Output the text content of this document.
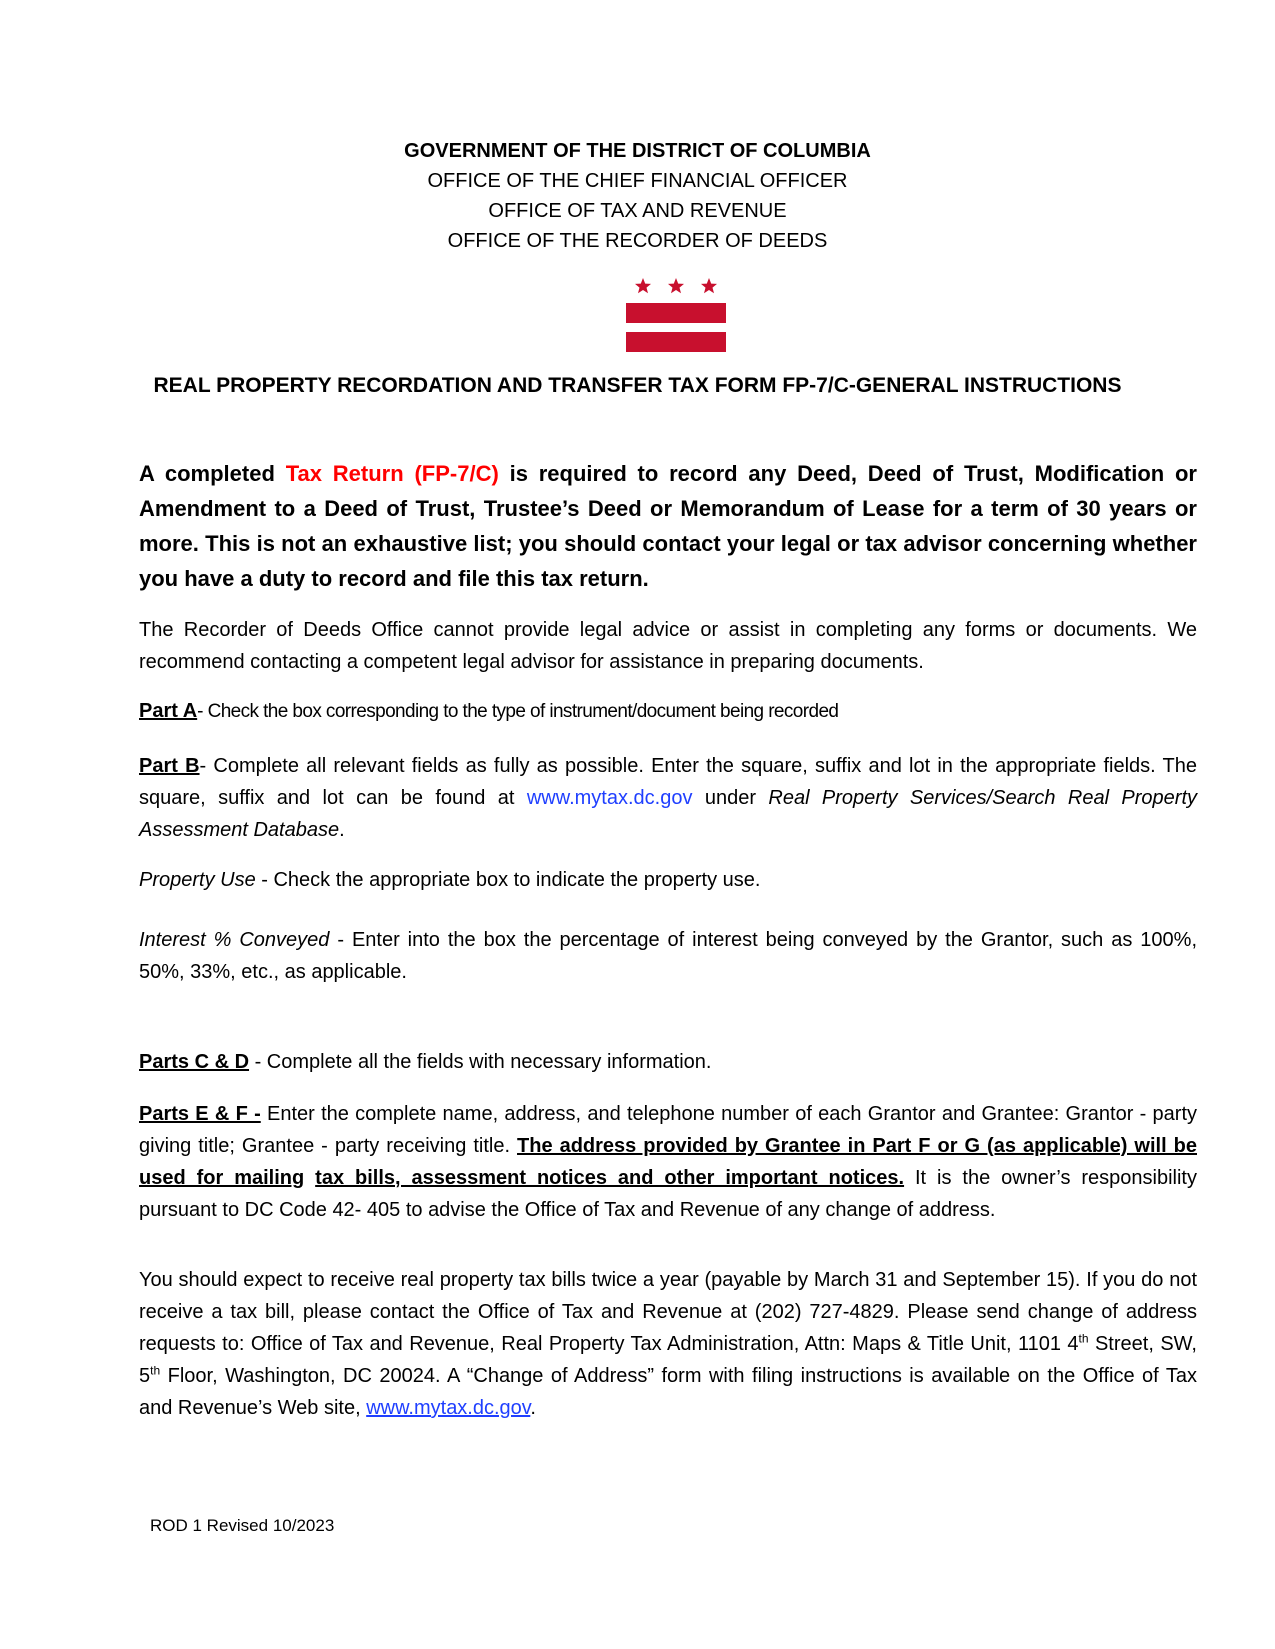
GOVERNMENT OF THE DISTRICT OF COLUMBIA
OFFICE OF THE CHIEF FINANCIAL OFFICER
OFFICE OF TAX AND REVENUE
OFFICE OF THE RECORDER OF DEEDS
REAL PROPERTY RECORDATION AND TRANSFER TAX FORM FP-7/C-GENERAL INSTRUCTIONS
A completed Tax Return (FP-7/C) is required to record any Deed, Deed of Trust, Modification or Amendment to a Deed of Trust, Trustee’s Deed or Memorandum of Lease for a term of 30 years or more. This is not an exhaustive list; you should contact your legal or tax advisor concerning whether you have a duty to record and file this tax return.
The Recorder of Deeds Office cannot provide legal advice or assist in completing any forms or documents. We recommend contacting a competent legal advisor for assistance in preparing documents.
Part A- Check the box corresponding to the type of instrument/document being recorded
Part B- Complete all relevant fields as fully as possible. Enter the square, suffix and lot in the appropriate fields. The square, suffix and lot can be found at www.mytax.dc.gov under Real Property Services/Search Real Property Assessment Database.
Property Use - Check the appropriate box to indicate the property use.
Interest % Conveyed - Enter into the box the percentage of interest being conveyed by the Grantor, such as 100%, 50%, 33%, etc., as applicable.
Parts C & D - Complete all the fields with necessary information.
Parts E & F - Enter the complete name, address, and telephone number of each Grantor and Grantee: Grantor - party giving title; Grantee - party receiving title. The address provided by Grantee in Part F or G (as applicable) will be used for mailing tax bills, assessment notices and other important notices. It is the owner’s responsibility pursuant to DC Code 42- 405 to advise the Office of Tax and Revenue of any change of address.
You should expect to receive real property tax bills twice a year (payable by March 31 and September 15). If you do not receive a tax bill, please contact the Office of Tax and Revenue at (202) 727-4829. Please send change of address requests to: Office of Tax and Revenue, Real Property Tax Administration, Attn: Maps & Title Unit, 1101 4th Street, SW, 5th Floor, Washington, DC 20024. A “Change of Address” form with filing instructions is available on the Office of Tax and Revenue’s Web site, www.mytax.dc.gov.
ROD 1 Revised 10/2023
